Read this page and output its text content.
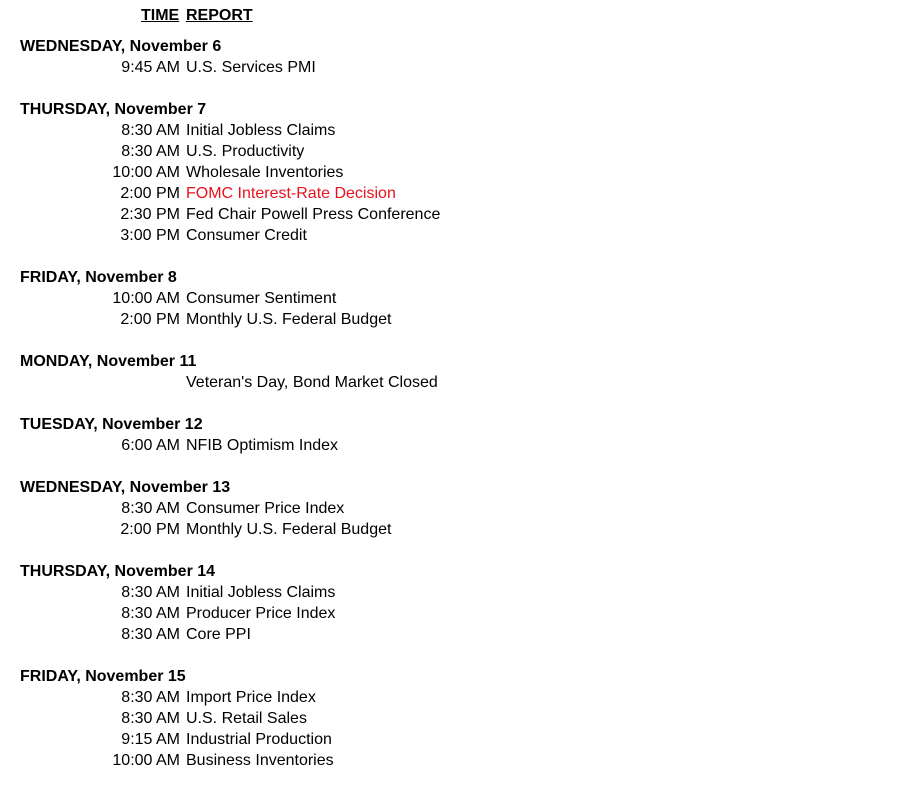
TIME REPORT
WEDNESDAY, November 6
9:45 AM U.S. Services PMI
THURSDAY, November 7
8:30 AM Initial Jobless Claims
8:30 AM U.S. Productivity
10:00 AM Wholesale Inventories
2:00 PM FOMC Interest-Rate Decision
2:30 PM Fed Chair Powell Press Conference
3:00 PM Consumer Credit
FRIDAY, November 8
10:00 AM Consumer Sentiment
2:00 PM Monthly U.S. Federal Budget
MONDAY, November 11
Veteran's Day, Bond Market Closed
TUESDAY, November 12
6:00 AM NFIB Optimism Index
WEDNESDAY, November 13
8:30 AM Consumer Price Index
2:00 PM Monthly U.S. Federal Budget
THURSDAY, November 14
8:30 AM Initial Jobless Claims
8:30 AM Producer Price Index
8:30 AM Core PPI
FRIDAY, November 15
8:30 AM Import Price Index
8:30 AM U.S. Retail Sales
9:15 AM Industrial Production
10:00 AM Business Inventories
